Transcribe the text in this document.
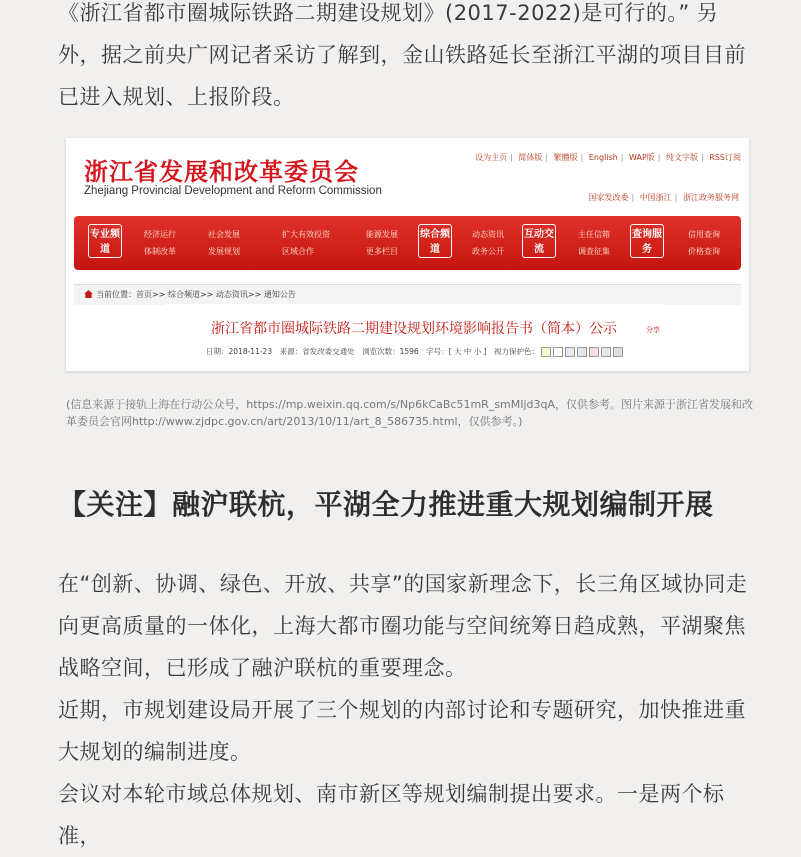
《浙江省都市圈城际铁路二期建设规划》(2017-2022)是可行的。” 另外，据之前央广网记者采访了解到，金山铁路延长至浙江平湖的项目目前已进入规划、上报阶段。

浙江省发展和改革委员会
Zhejiang Provincial Development and Reform Commission
设为主页 | 简体版 | 繁體版 | English | WAP版 | 纯文字版 | RSS订阅
国家发改委 | 中国浙江 | 浙江政务服务网
专业频道
经济运行
体制改革
社会发展
发展规划
扩大有效投资
区域合作
能源发展
更多栏目
综合频道
动态资讯
政务公开
互动交流
主任信箱
调查征集
查询服务
信用查询
价格查询
当前位置：首页>> 综合频道>> 动态资讯>> 通知公告
浙江省都市圈城际铁路二期建设规划环境影响报告书（简本）公示	分享
日期：2018-11-23　来源：省发改委交通处　浏览次数：1596　字号：[ 大 中 小 ]　视力保护色：
(信息来源于接轨上海在行动公众号，https://mp.weixin.qq.com/s/Np6kCaBc51mR_smMIjd3qA，仅供参考。图片来源于浙江省发展和改革委员会官网http://www.zjdpc.gov.cn/art/2013/10/11/art_8_586735.html，仅供参考。)
【关注】融沪联杭，平湖全力推进重大规划编制开展

在“创新、协调、绿色、开放、共享”的国家新理念下，长三角区域协同走向更高质量的一体化，上海大都市圈功能与空间统筹日趋成熟，平湖聚焦战略空间，已形成了融沪联杭的重要理念。

近期，市规划建设局开展了三个规划的内部讨论和专题研究，加快推进重大规划的编制进度。

会议对本轮市域总体规划、南市新区等规划编制提出要求。一是两个标准，
